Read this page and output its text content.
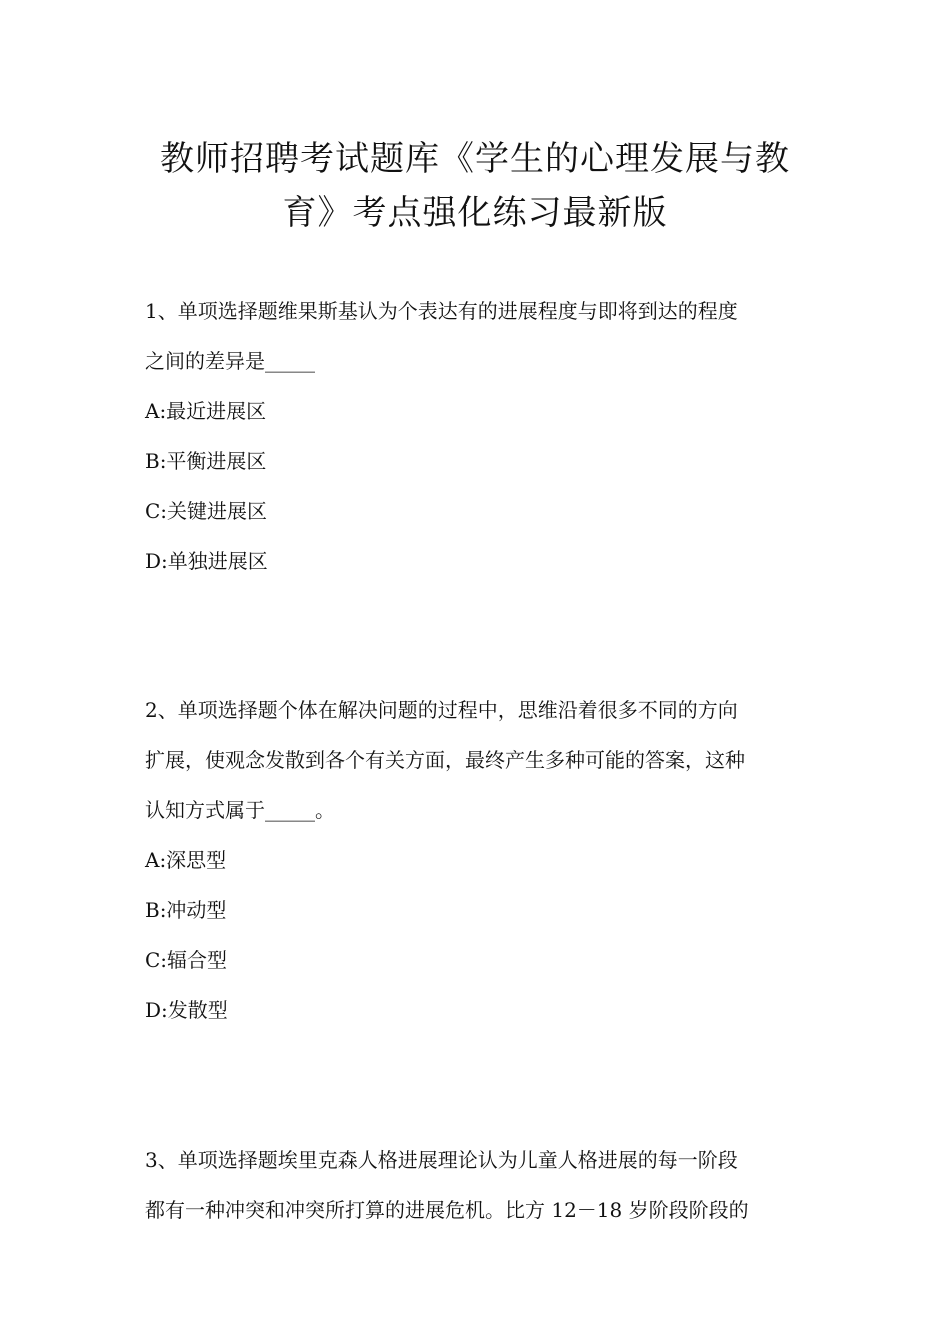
教师招聘考试题库《学生的心理发展与教
育》考点强化练习最新版
1、单项选择题维果斯基认为个表达有的进展程度与即将到达的程度
之间的差异是_____
A:最近进展区
B:平衡进展区
C:关键进展区
D:单独进展区
2、单项选择题个体在解决问题的过程中，思维沿着很多不同的方向
扩展，使观念发散到各个有关方面，最终产生多种可能的答案，这种
认知方式属于_____。
A:深思型
B:冲动型
C:辐合型
D:发散型
3、单项选择题埃里克森人格进展理论认为儿童人格进展的每一阶段
都有一种冲突和冲突所打算的进展危机。比方 12－18 岁阶段阶段的
